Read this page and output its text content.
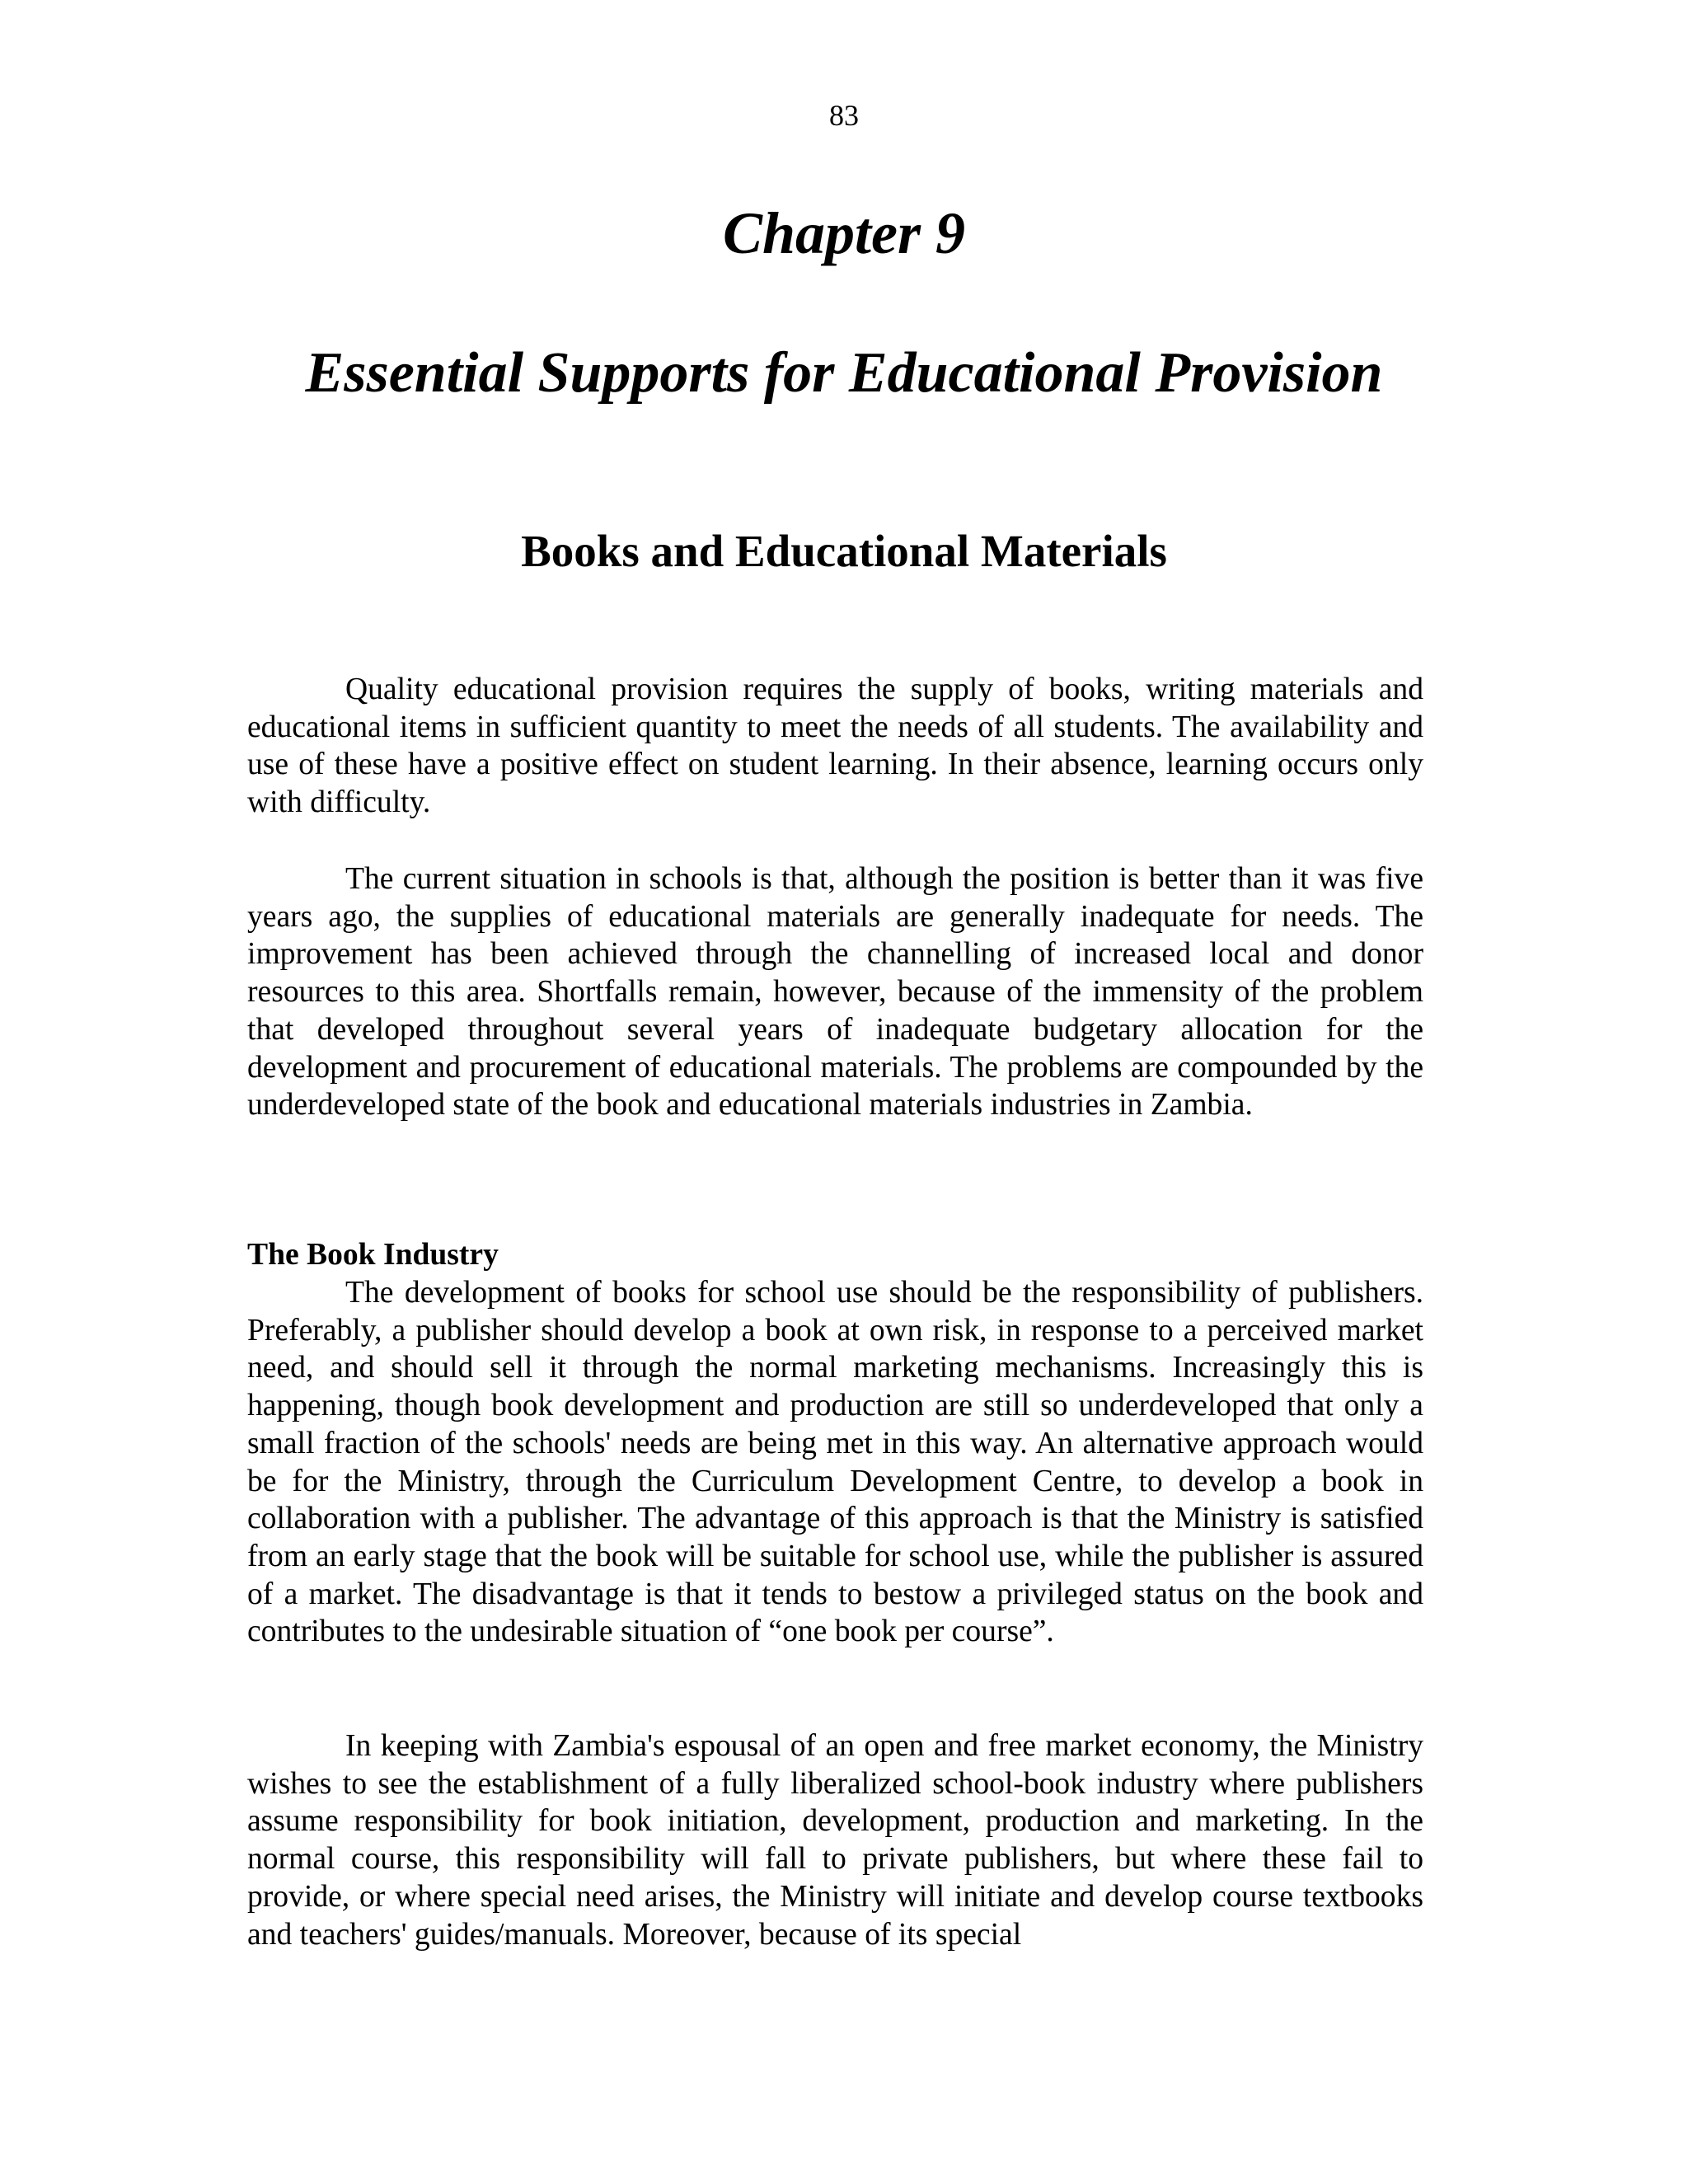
83
Chapter 9
Essential Supports for Educational Provision
Books and Educational Materials

Quality educational provision requires the supply of books, writing materials and educational items in sufficient quantity to meet the needs of all students. The availability and use of these have a positive effect on student learning. In their absence, learning occurs only with difficulty.

The current situation in schools is that, although the position is better than it was five years ago, the supplies of educational materials are generally inadequate for needs. The improvement has been achieved through the channelling of increased local and donor resources to this area. Shortfalls remain, however, because of the immensity of the problem that developed throughout several years of inadequate budgetary allocation for the development and procurement of educational materials. The problems are compounded by the underdeveloped state of the book and educational materials industries in Zambia.

The Book Industry

The development of books for school use should be the responsibility of publishers. Preferably, a publisher should develop a book at own risk, in response to a perceived market need, and should sell it through the normal marketing mechanisms. Increasingly this is happening, though book development and production are still so underdeveloped that only a small fraction of the schools' needs are being met in this way. An alternative approach would be for the Ministry, through the Curriculum Development Centre, to develop a book in collaboration with a publisher. The advantage of this approach is that the Ministry is satisfied from an early stage that the book will be suitable for school use, while the publisher is assured of a market. The disadvantage is that it tends to bestow a privileged status on the book and contributes to the undesirable situation of “one book per course”.

In keeping with Zambia's espousal of an open and free market economy, the Ministry wishes to see the establishment of a fully liberalized school-book industry where publishers assume responsibility for book initiation, development, production and marketing. In the normal course, this responsibility will fall to private publishers, but where these fail to provide, or where special need arises, the Ministry will initiate and develop course textbooks and teachers' guides/manuals. Moreover, because of its special
